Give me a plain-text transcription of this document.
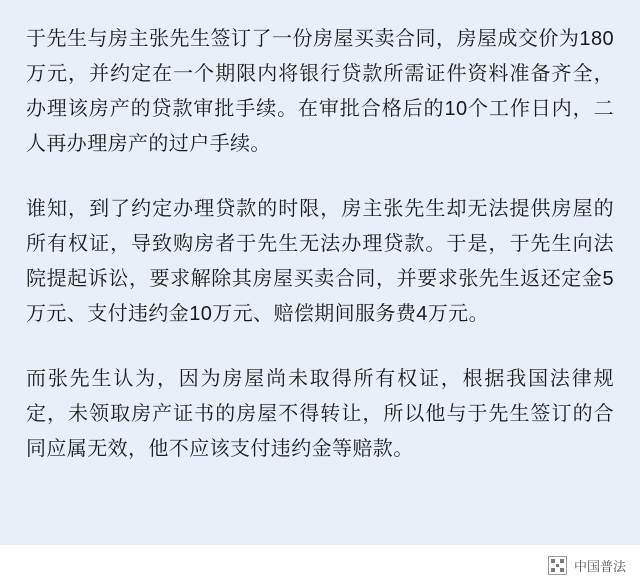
于先生与房主张先生签订了一份房屋买卖合同，房屋成交价为180万元，并约定在一个期限内将银行贷款所需证件资料准备齐全，办理该房产的贷款审批手续。在审批合格后的10个工作日内，二人再办理房产的过户手续。

谁知，到了约定办理贷款的时限，房主张先生却无法提供房屋的所有权证，导致购房者于先生无法办理贷款。于是，于先生向法院提起诉讼，要求解除其房屋买卖合同，并要求张先生返还定金5万元、支付违约金10万元、赔偿期间服务费4万元。

而张先生认为，因为房屋尚未取得所有权证，根据我国法律规定，未领取房产证书的房屋不得转让，所以他与于先生签订的合同应属无效，他不应该支付违约金等赔款。

中国普法
